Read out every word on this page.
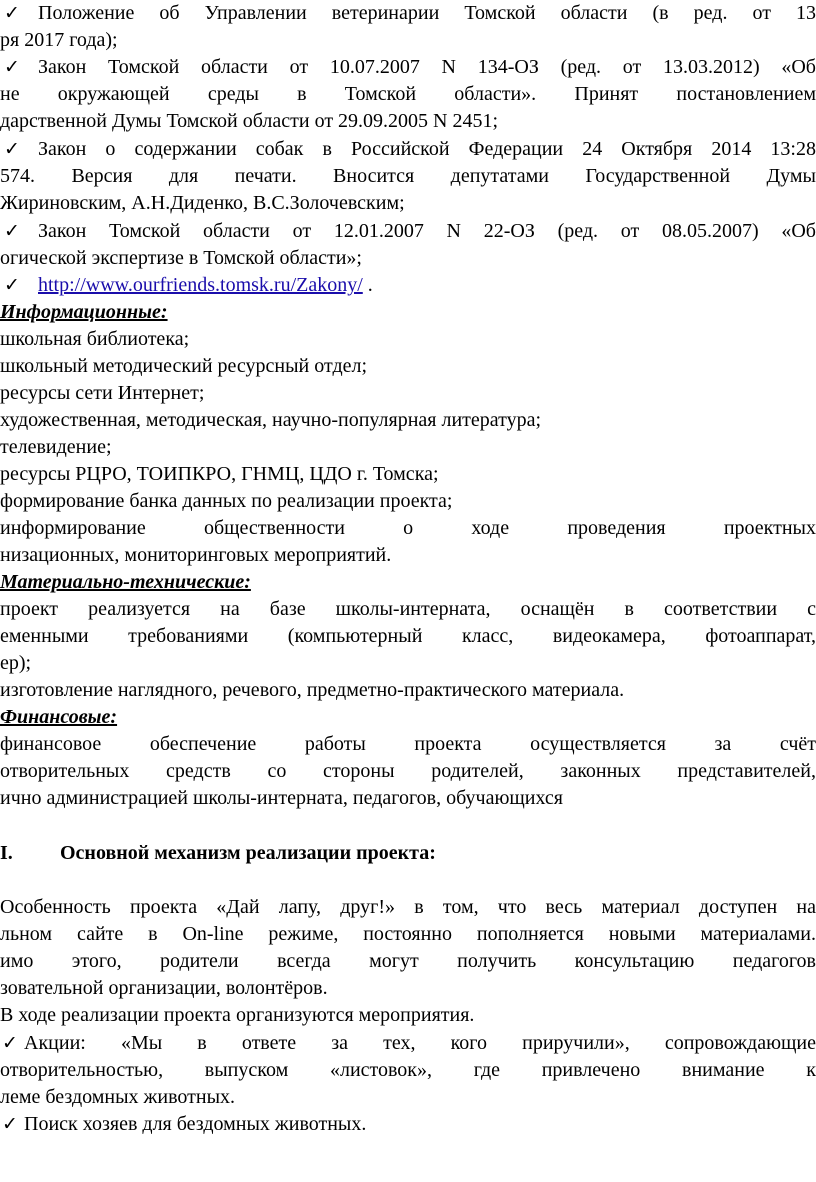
✓ Положение об Управлении ветеринарии Томской области (в ред. от 13
ря 2017 года);
✓ Закон Томской области от 10.07.2007 N 134-ОЗ (ред. от 13.03.2012) «Об
не окружающей среды в Томской области». Принят постановлением
дарственной Думы Томской области от 29.09.2005 N 2451;
✓ Закон о содержании собак в Российской Федерации 24 Октября 2014 13:28
574. Версия для печати. Вносится депутатами Государственной Думы
Жириновским, А.Н.Диденко, В.С.Золочевским;
✓ Закон Томской области от 12.01.2007 N 22-ОЗ (ред. от 08.05.2007) «Об
огической экспертизе в Томской области»;
✓ http://www.ourfriends.tomsk.ru/Zakony/ .
Информационные:
школьная библиотека;
школьный методический ресурсный отдел;
ресурсы сети Интернет;
художественная, методическая, научно-популярная литература;
телевидение;
ресурсы РЦРО, ТОИПКРО, ГНМЦ, ЦДО г. Томска;
формирование банка данных по реализации проекта;
информирование общественности о ходе проведения проектных
низационных, мониторинговых мероприятий.
Материально-технические:
проект реализуется на базе школы-интерната, оснащён в соответствии с
еменными требованиями (компьютерный класс, видеокамера, фотоаппарат,
ер);
изготовление наглядного, речевого, предметно-практического материала.
Финансовые:
финансовое обеспечение работы проекта осуществляется за счёт
отворительных средств со стороны родителей, законных представителей,
ично администрацией школы-интерната, педагогов, обучающихся
I. Основной механизм реализации проекта:
Особенность проекта «Дай лапу, друг!» в том, что весь материал доступен на
льном сайте в On-line режиме, постоянно пополняется новыми материалами.
имо этого, родители всегда могут получить консультацию педагогов
зовательной организации, волонтёров.
В ходе реализации проекта организуются мероприятия.
✓ Акции: «Мы в ответе за тех, кого приручили», сопровождающие
отворительностью, выпуском «листовок», где привлечено внимание к
леме бездомных животных.
✓ Поиск хозяев для бездомных животных.
